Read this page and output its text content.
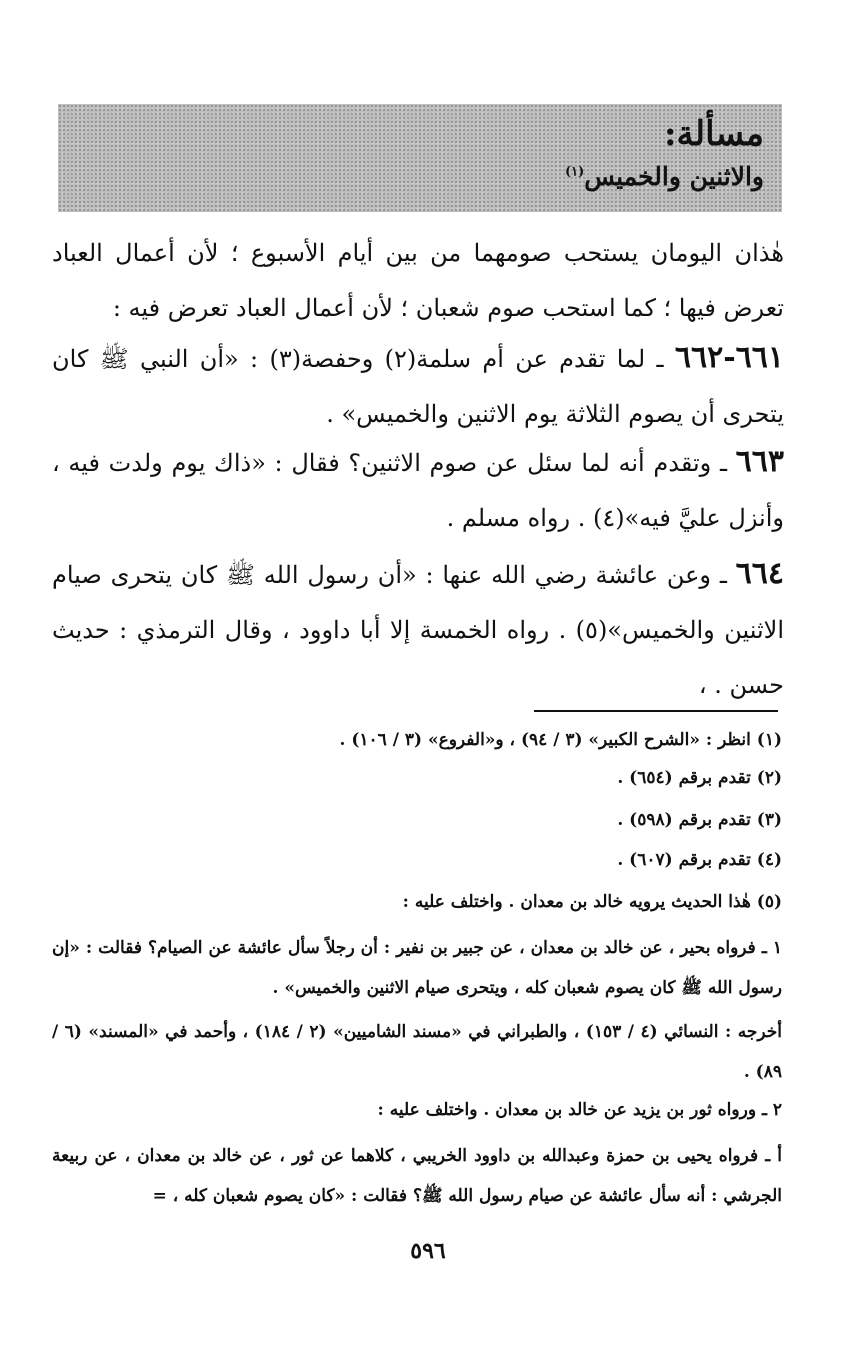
مسألة:
والاثنين والخميس$^{(١)}$

هٰذان اليومان يستحب صومهما من بين أيام الأسبوع ؛ لأن أعمال العباد تعرض فيها ؛ كما استحب صوم شعبان ؛ لأن أعمال العباد تعرض فيه :

٦٦١-٦٦٢ ـ لما تقدم عن أم سلمة(٢) وحفصة(٣) : «أن النبي ﷺ كان يتحرى أن يصوم الثلاثة يوم الاثنين والخميس» .

٦٦٣ ـ وتقدم أنه لما سئل عن صوم الاثنين؟ فقال : «ذاك يوم ولدت فيه ، وأنزل عليَّ فيه»(٤) . رواه مسلم .

٦٦٤ ـ وعن عائشة رضي الله عنها : «أن رسول الله ﷺ كان يتحرى صيام الاثنين والخميس»(٥) . رواه الخمسة إلا أبا داوود ، وقال الترمذي : حديث حسن . ،

(١) انظر : «الشرح الكبير» (٣ / ٩٤) ، و«الفروع» (٣ / ١٠٦) .

(٢) تقدم برقم (٦٥٤) .

(٣) تقدم برقم (٥٩٨) .

(٤) تقدم برقم (٦٠٧) .

(٥) هٰذا الحديث يرويه خالد بن معدان . واختلف عليه :

١ ـ فرواه بحير ، عن خالد بن معدان ، عن جبير بن نفير : أن رجلاً سأل عائشة عن الصيام؟ فقالت : «إن رسول الله ﷺ كان يصوم شعبان كله ، ويتحرى صيام الاثنين والخميس» .

أخرجه : النسائي (٤ / ١٥٣) ، والطبراني في «مسند الشاميين» (٢ / ١٨٤) ، وأحمد في «المسند» (٦ / ٨٩) .

٢ ـ ورواه ثور بن يزيد عن خالد بن معدان . واختلف عليه :

أ ـ فرواه يحيى بن حمزة وعبدالله بن داوود الخريبي ، كلاهما عن ثور ، عن خالد بن معدان ، عن ربيعة الجرشي : أنه سأل عائشة عن صيام رسول الله ﷺ؟ فقالت : «كان يصوم شعبان كله ، =

٥٩٦
